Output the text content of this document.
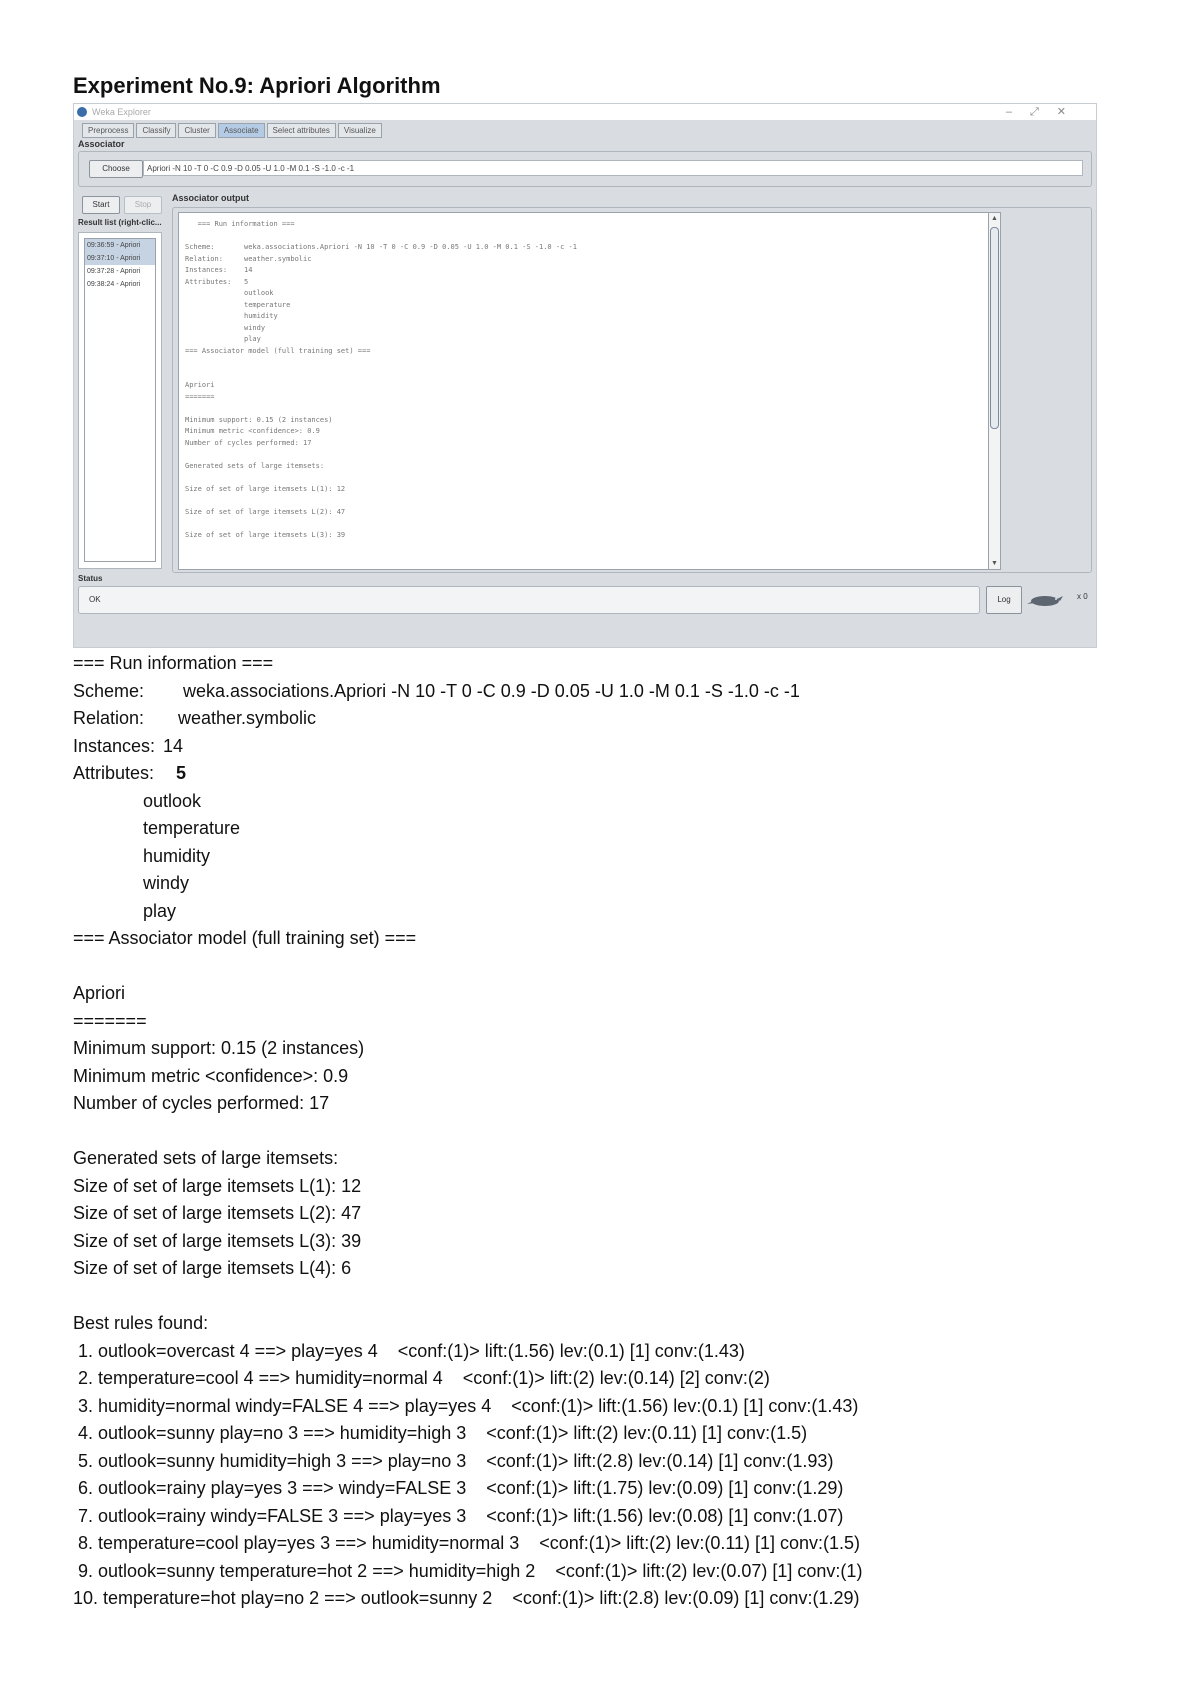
Experiment No.9: Apriori Algorithm
Weka Explorer	–⤢✕
Preprocess	Classify	Cluster	Associate	Select attributes	Visualize
Associator
Choose	Apriori -N 10 -T 0 -C 0.9 -D 0.05 -U 1.0 -M 0.1 -S -1.0 -c -1
Start	Stop
Associator output
Result list (right-clic...
09:36:59 - Apriori
09:37:10 - Apriori
09:37:28 - Apriori
09:38:24 - Apriori
=== Run information ===

Scheme:       weka.associations.Apriori -N 10 -T 0 -C 0.9 -D 0.05 -U 1.0 -M 0.1 -S -1.0 -c -1
Relation:     weather.symbolic
Instances:    14
Attributes:   5
outlook
temperature
humidity
windy
play
=== Associator model (full training set) ===

Apriori
=======

Minimum support: 0.15 (2 instances)
Minimum metric <confidence>: 0.9
Number of cycles performed: 17

Generated sets of large itemsets:

Size of set of large itemsets L(1): 12

Size of set of large itemsets L(2): 47

Size of set of large itemsets L(3): 39
▲
▼
Status
OK	Log	x 0
=== Run information ===
Scheme: weka.associations.Apriori -N 10 -T 0 -C 0.9 -D 0.05 -U 1.0 -M 0.1 -S -1.0 -c -1
Relation: weather.symbolic
Instances: 14
Attributes: 5
outlook
temperature
humidity
windy
play
=== Associator model (full training set) ===
Apriori
=======
Minimum support: 0.15 (2 instances)
Minimum metric <confidence>: 0.9
Number of cycles performed: 17
Generated sets of large itemsets:
Size of set of large itemsets L(1): 12
Size of set of large itemsets L(2): 47
Size of set of large itemsets L(3): 39
Size of set of large itemsets L(4): 6
Best rules found:
1. outlook=overcast 4 ==> play=yes 4    <conf:(1)> lift:(1.56) lev:(0.1) [1] conv:(1.43)
2. temperature=cool 4 ==> humidity=normal 4    <conf:(1)> lift:(2) lev:(0.14) [2] conv:(2)
3. humidity=normal windy=FALSE 4 ==> play=yes 4    <conf:(1)> lift:(1.56) lev:(0.1) [1] conv:(1.43)
4. outlook=sunny play=no 3 ==> humidity=high 3    <conf:(1)> lift:(2) lev:(0.11) [1] conv:(1.5)
5. outlook=sunny humidity=high 3 ==> play=no 3    <conf:(1)> lift:(2.8) lev:(0.14) [1] conv:(1.93)
6. outlook=rainy play=yes 3 ==> windy=FALSE 3    <conf:(1)> lift:(1.75) lev:(0.09) [1] conv:(1.29)
7. outlook=rainy windy=FALSE 3 ==> play=yes 3    <conf:(1)> lift:(1.56) lev:(0.08) [1] conv:(1.07)
8. temperature=cool play=yes 3 ==> humidity=normal 3    <conf:(1)> lift:(2) lev:(0.11) [1] conv:(1.5)
9. outlook=sunny temperature=hot 2 ==> humidity=high 2    <conf:(1)> lift:(2) lev:(0.07) [1] conv:(1)
10. temperature=hot play=no 2 ==> outlook=sunny 2    <conf:(1)> lift:(2.8) lev:(0.09) [1] conv:(1.29)
